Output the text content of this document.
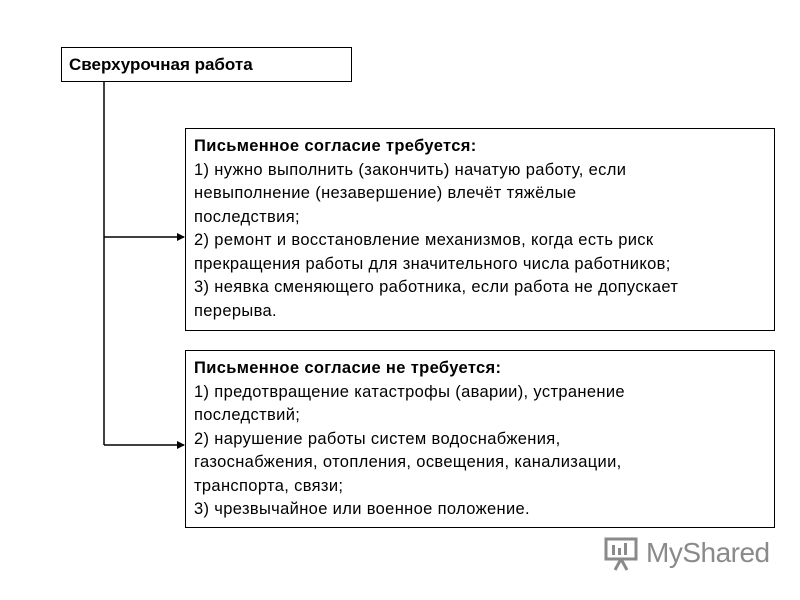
Сверхурочная работа
Письменное согласие требуется:
1) нужно выполнить (закончить) начатую работу, если
невыполнение (незавершение) влечёт тяжёлые
последствия;
2) ремонт и восстановление механизмов, когда есть риск
прекращения работы для значительного числа работников;
3) неявка сменяющего работника, если работа не допускает
перерыва.
Письменное согласие не требуется:
1) предотвращение катастрофы (аварии), устранение
последствий;
2) нарушение работы систем водоснабжения,
газоснабжения, отопления, освещения, канализации,
транспорта, связи;
3) чрезвычайное или военное положение.
MyShared
